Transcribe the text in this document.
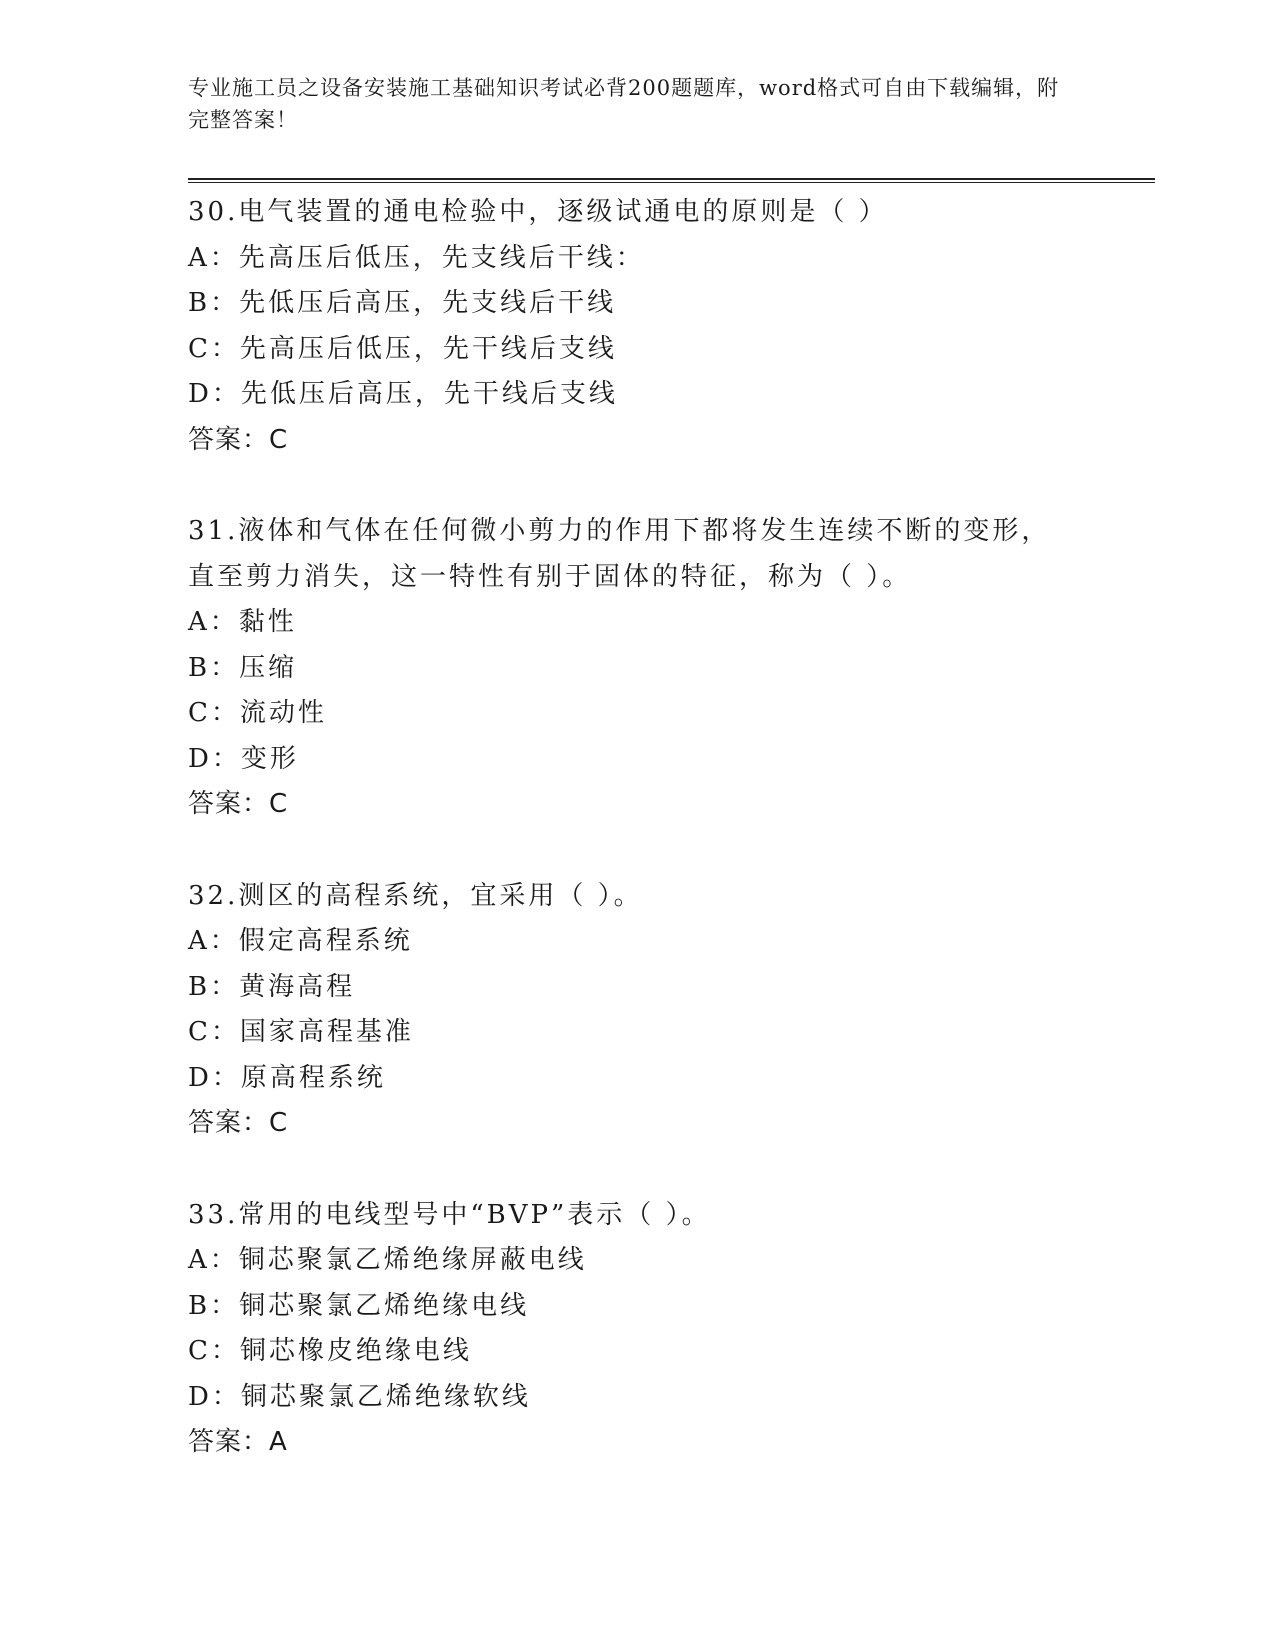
专业施工员之设备安装施工基础知识考试必背200题题库，word格式可自由下载编辑，附完整答案！
30.电气装置的通电检验中，逐级试通电的原则是（ ）
A：先高压后低压，先支线后干线：
B：先低压后高压，先支线后干线
C：先高压后低压，先干线后支线
D：先低压后高压，先干线后支线
答案：C
31.液体和气体在任何微小剪力的作用下都将发生连续不断的变形，直至剪力消失，这一特性有别于固体的特征，称为（ ）。
A：黏性
B：压缩
C：流动性
D：变形
答案：C
32.测区的高程系统，宜采用（ ）。
A：假定高程系统
B：黄海高程
C：国家高程基准
D：原高程系统
答案：C
33.常用的电线型号中“BVP”表示（ ）。
A：铜芯聚氯乙烯绝缘屏蔽电线
B：铜芯聚氯乙烯绝缘电线
C：铜芯橡皮绝缘电线
D：铜芯聚氯乙烯绝缘软线
答案：A
